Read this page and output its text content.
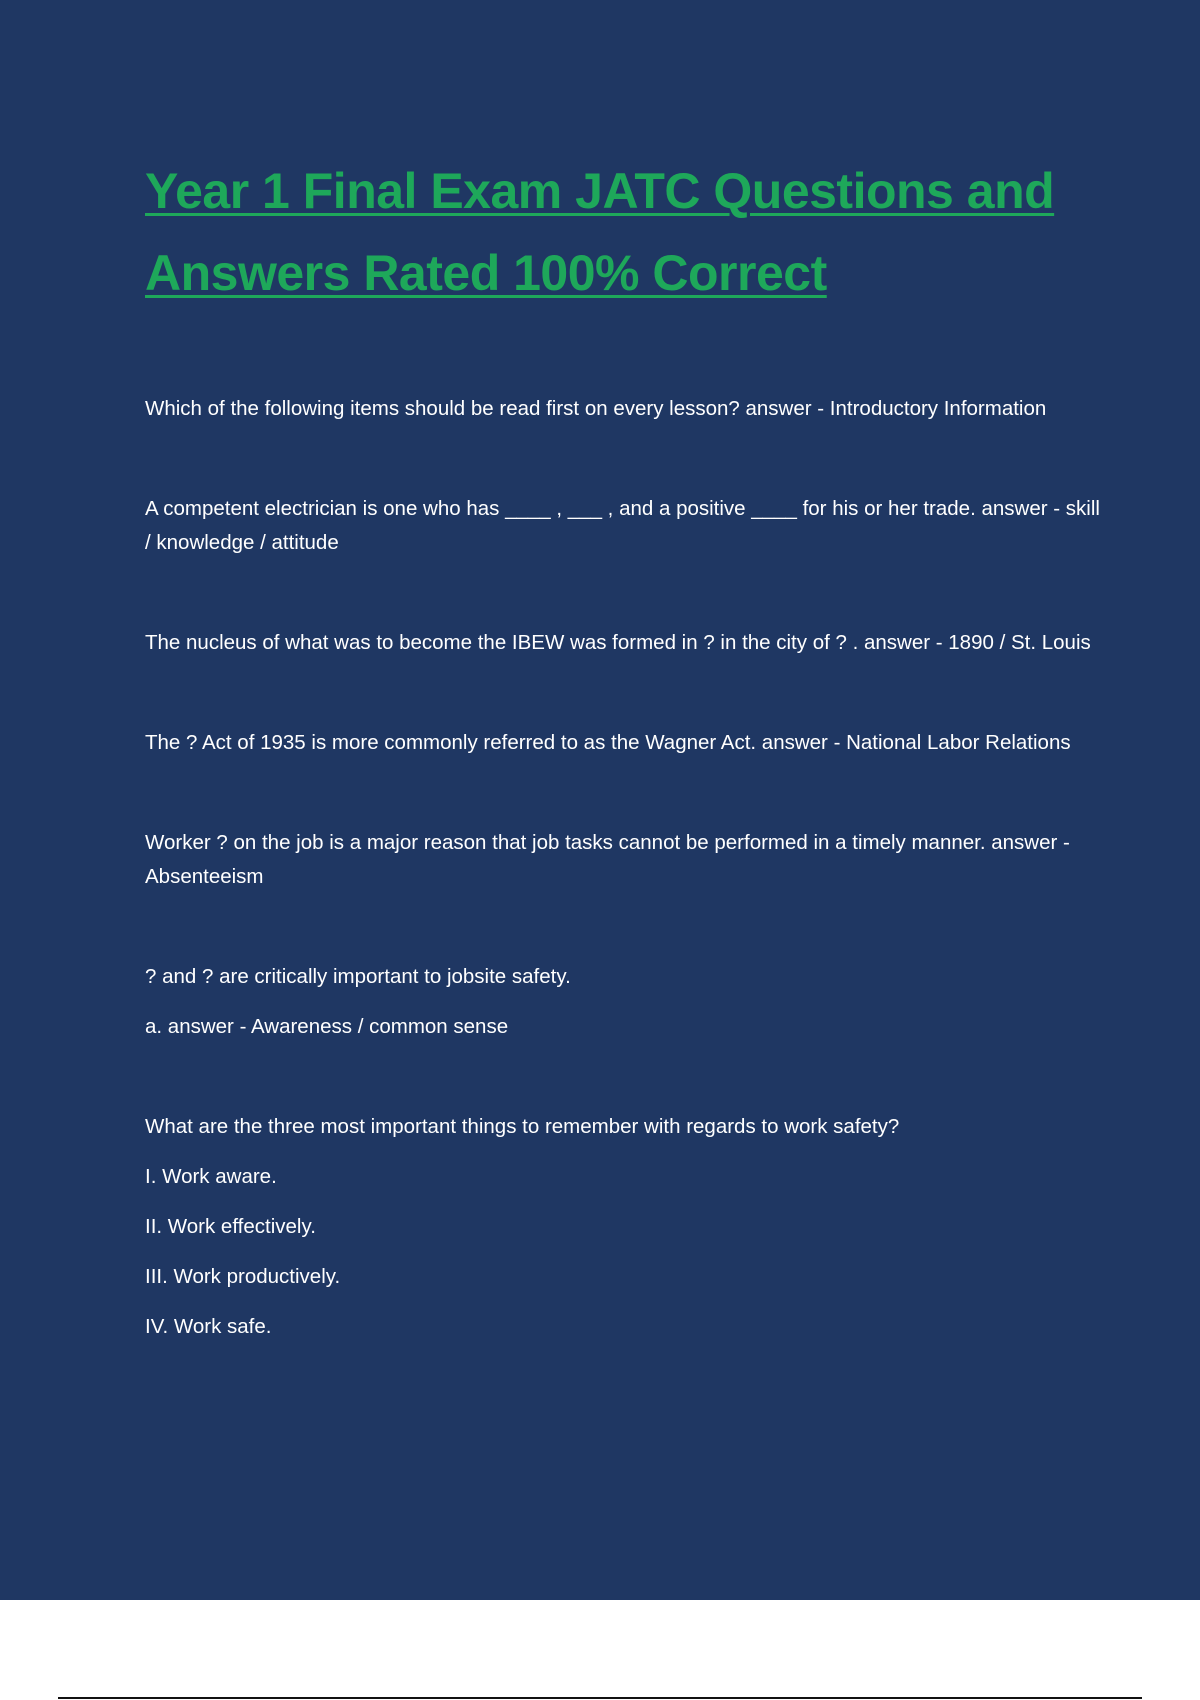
Year 1 Final Exam JATC Questions and
Answers Rated 100% Correct

Which of the following items should be read first on every lesson? answer - Introductory Information

A competent electrician is one who has ____ , ___ , and a positive ____ for his or her trade. answer - skill / knowledge / attitude

The nucleus of what was to become the IBEW was formed in ? in the city of ? . answer - 1890 / St. Louis

The ? Act of 1935 is more commonly referred to as the Wagner Act. answer - National Labor Relations

Worker ? on the job is a major reason that job tasks cannot be performed in a timely manner. answer - Absenteeism

? and ? are critically important to jobsite safety.

a. answer - Awareness / common sense

What are the three most important things to remember with regards to work safety?

I. Work aware.
II. Work effectively.
III. Work productively.
IV. Work safe.
